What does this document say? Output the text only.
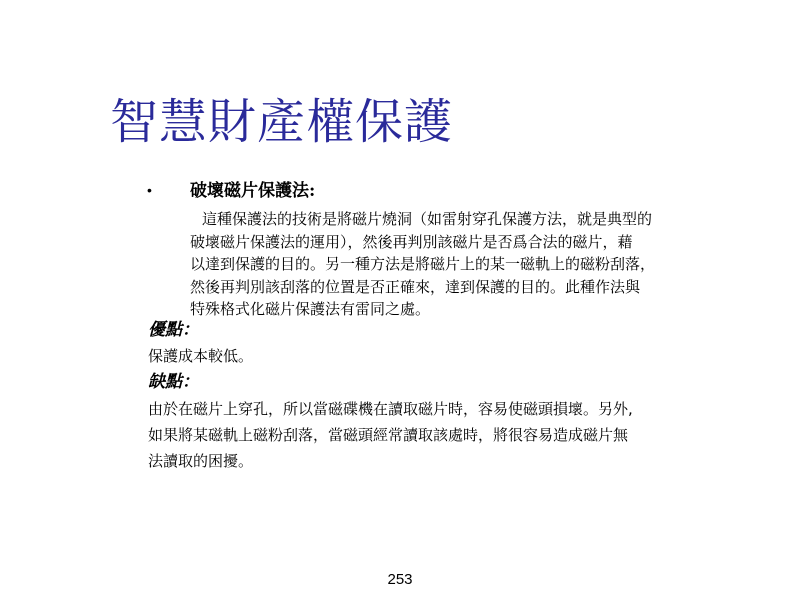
智慧財產權保護
• 破壞磁片保護法:
這種保護法的技術是將磁片燒洞（如雷射穿孔保護方法，就是典型的
破壞磁片保護法的運用），然後再判別該磁片是否爲合法的磁片，藉
以達到保護的目的。另一種方法是將磁片上的某一磁軌上的磁粉刮落，
然後再判別該刮落的位置是否正確來，達到保護的目的。此種作法與
特殊格式化磁片保護法有雷同之處。
優點：
保護成本較低。
缺點：
由於在磁片上穿孔，所以當磁碟機在讀取磁片時，容易使磁頭損壞。另外,
如果將某磁軌上磁粉刮落，當磁頭經常讀取該處時，將很容易造成磁片無
法讀取的困擾。
253
